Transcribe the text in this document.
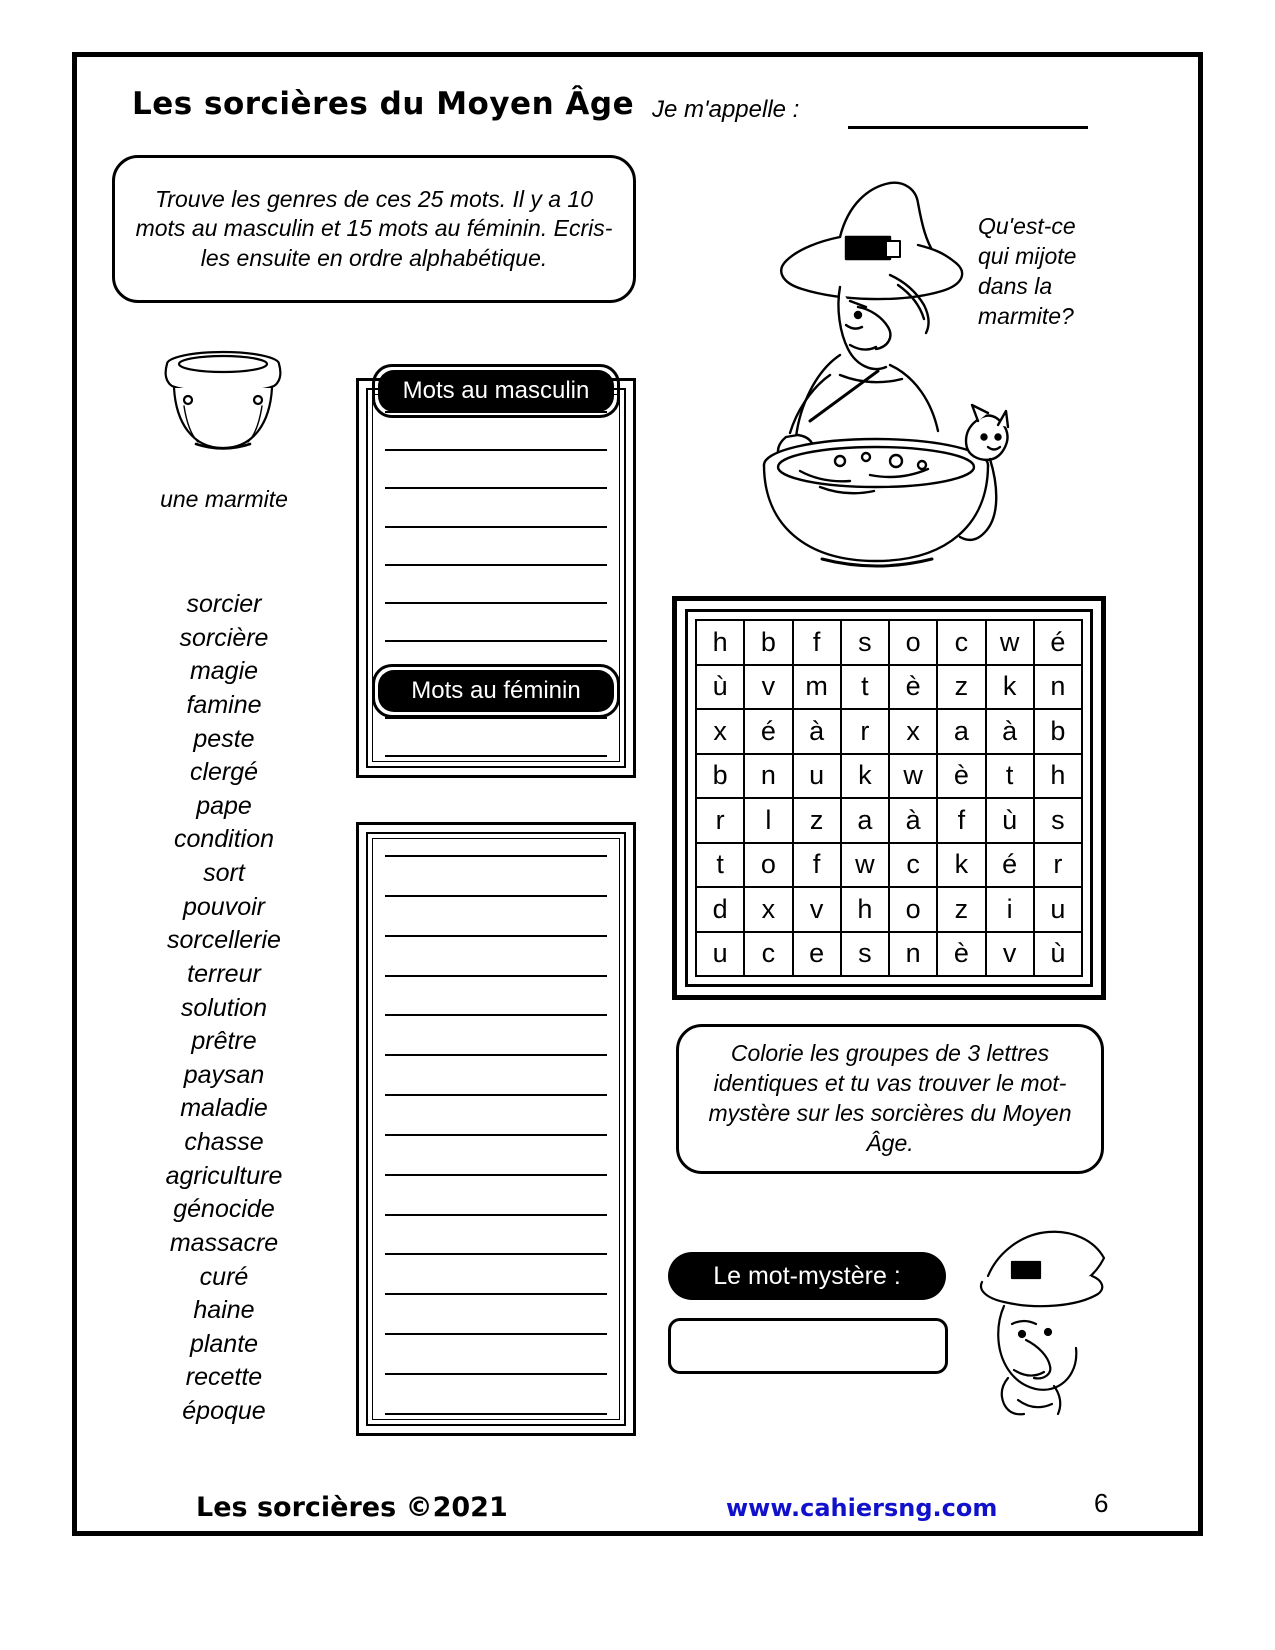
Les sorcières du Moyen Âge Je m'appelle :
Trouve les genres de ces 25 mots. Il y a 10 mots au masculin et 15 mots au féminin. Ecris- les ensuite en ordre alphabétique.
Qu'est-ce qui mijote dans la marmite?
une marmite
sorcier
sorcière
magie
famine
peste
clergé
pape
condition
sort
pouvoir
sorcellerie
terreur
solution
prêtre
paysan
maladie
chasse
agriculture
génocide
massacre
curé
haine
plante
recette
époque
Mots au masculin
Mots au féminin
h	b	f	s	o	c	w	é
ù	v	m	t	è	z	k	n
x	é	à	r	x	a	à	b
b	n	u	k	w	è	t	h
r	l	z	a	à	f	ù	s
t	o	f	w	c	k	é	r
d	x	v	h	o	z	i	u
u	c	e	s	n	è	v	ù
Colorie les groupes de 3 lettres identiques et tu vas trouver le mot-mystère sur les sorcières du Moyen Âge.
Le mot-mystère :
Les sorcières ©2021	www.cahiersng.com	6
